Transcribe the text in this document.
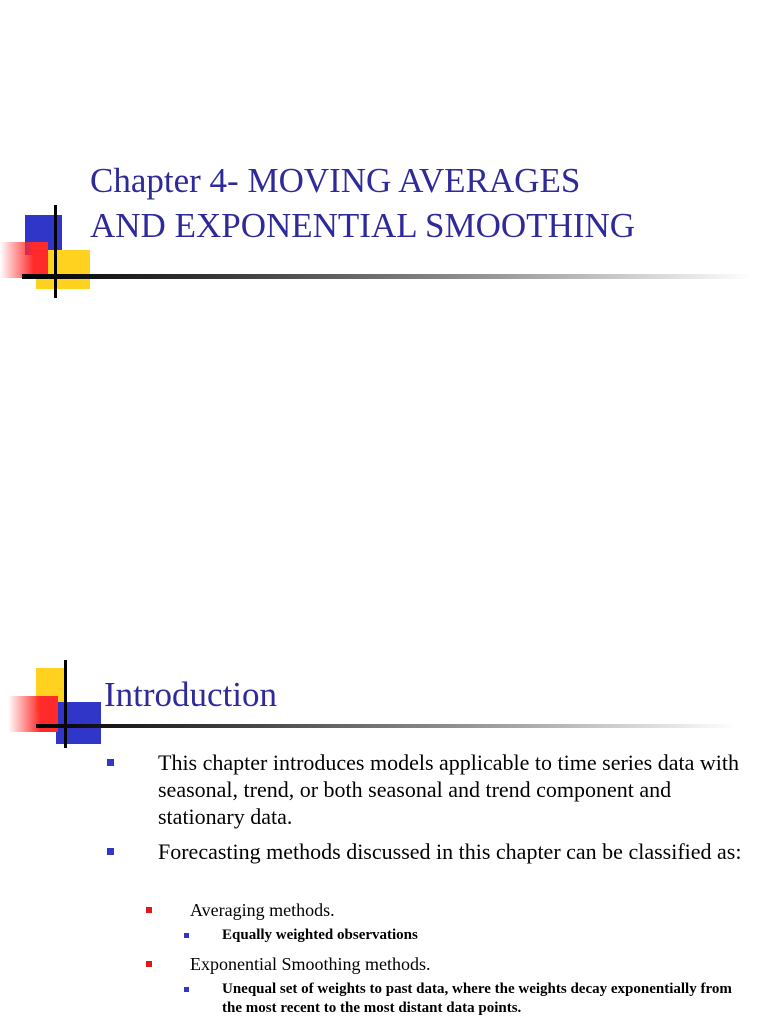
Chapter 4- MOVING AVERAGES
AND EXPONENTIAL SMOOTHING
Introduction
This chapter introduces models applicable to time series data with seasonal, trend, or both seasonal and trend component and stationary data.
Forecasting methods discussed in this chapter can be classified as:
Averaging methods.
Equally weighted observations
Exponential Smoothing methods.
Unequal set of weights to past data, where the weights decay exponentially from the most recent to the most distant data points.
